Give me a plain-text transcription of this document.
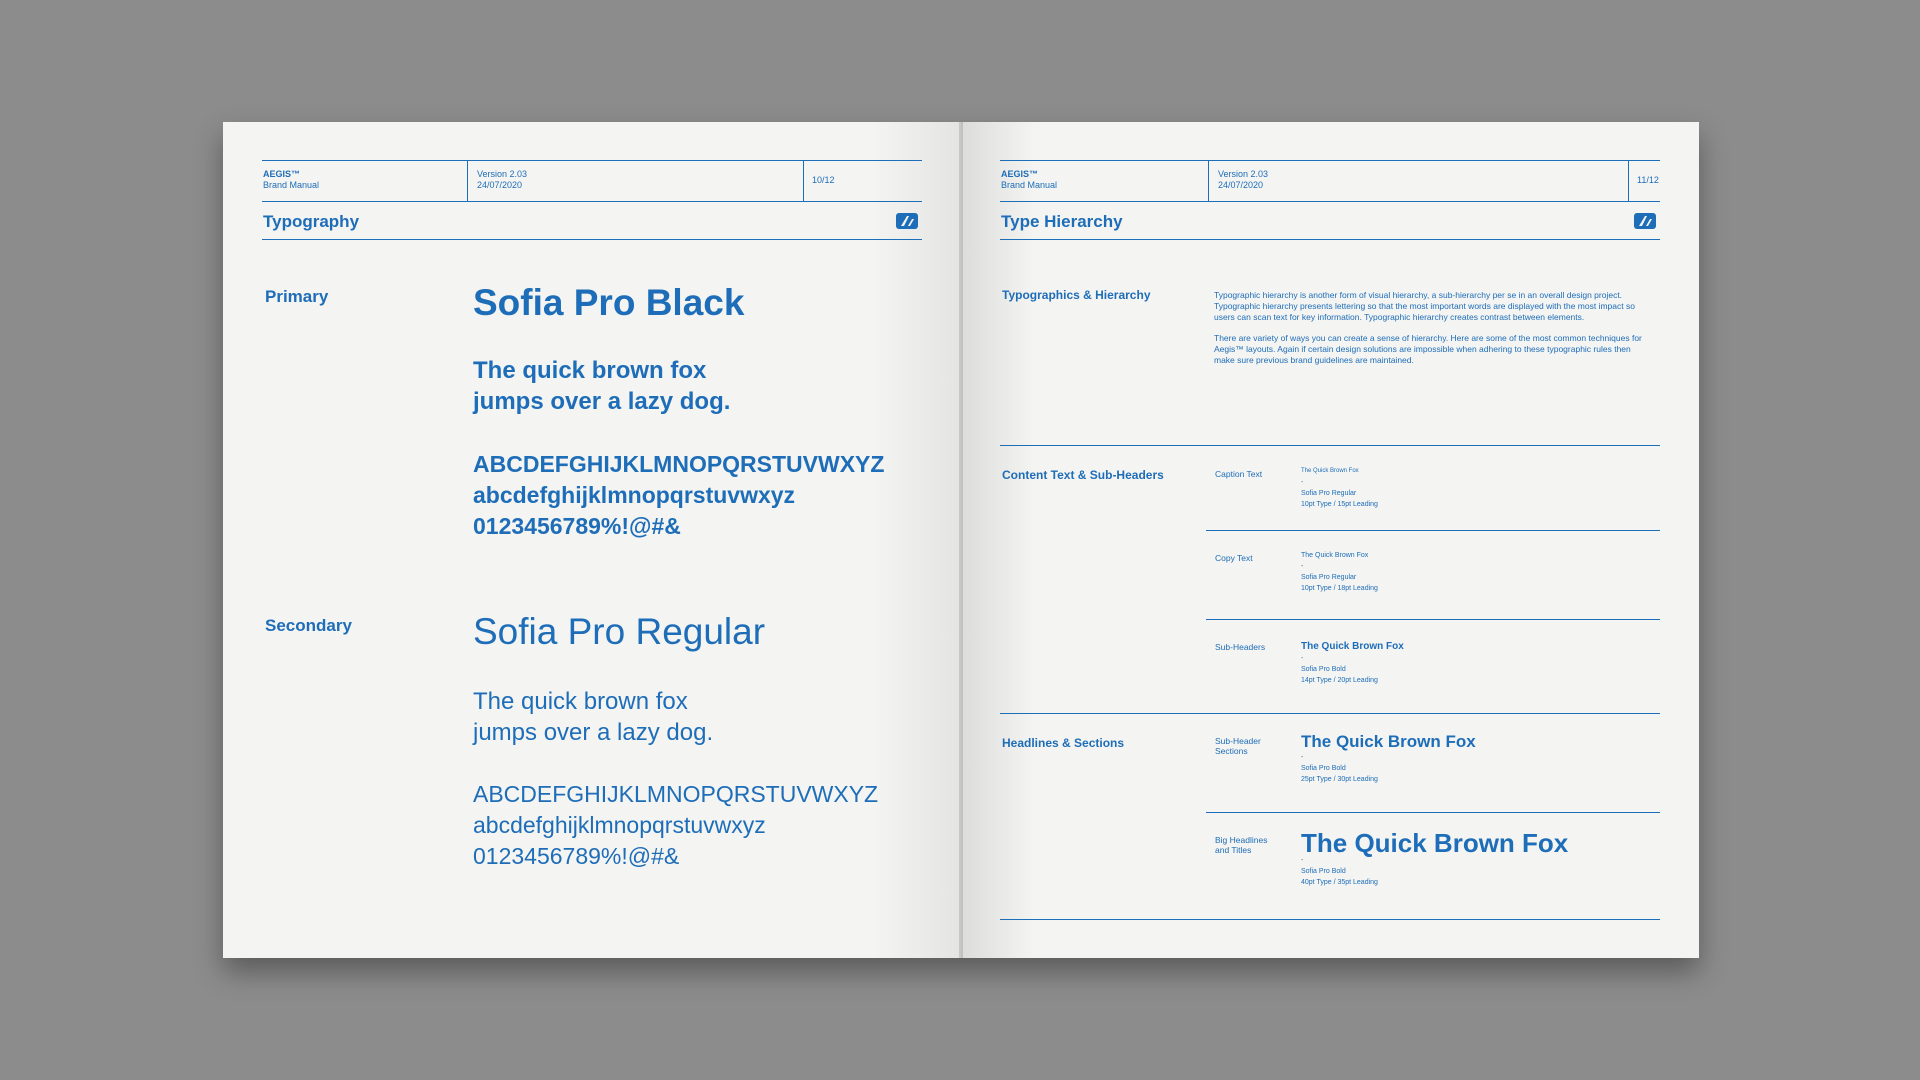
AEGIS™
Brand Manual
Version 2.03
24/07/2020	10/12
Typography
Primary	Sofia Pro Black
The quick brown fox
jumps over a lazy dog.
ABCDEFGHIJKLMNOPQRSTUVWXYZ
abcdefghijklmnopqrstuvwxyz
0123456789%!@#&
Secondary	Sofia Pro Regular
The quick brown fox
jumps over a lazy dog.
ABCDEFGHIJKLMNOPQRSTUVWXYZ
abcdefghijklmnopqrstuvwxyz
0123456789%!@#&
AEGIS™
Brand Manual
Version 2.03
24/07/2020	11/12
Type Hierarchy
Typographics & Hierarchy	Typographic hierarchy is another form of visual hierarchy, a sub-hierarchy per se in an overall design project. Typographic hierarchy presents lettering so that the most important words are displayed with the most impact so users can scan text for key information. Typographic hierarchy creates contrast between elements.

There are variety of ways you can create a sense of hierarchy. Here are some of the most common techniques for Aegis™ layouts. Again if certain design solutions are impossible when adhering to these typographic rules then make sure previous brand guidelines are maintained.

Content Text & Sub-Headers	Caption Text	The Quick Brown Fox
-
Sofia Pro Regular
10pt Type / 15pt Leading
Copy Text	The Quick Brown Fox
-
Sofia Pro Regular
10pt Type / 18pt Leading
Sub-Headers	The Quick Brown Fox
-
Sofia Pro Bold
14pt Type / 20pt Leading
Headlines & Sections	Sub-Header
Sections	The Quick Brown Fox
-
Sofia Pro Bold
25pt Type / 30pt Leading
Big Headlines
and Titles	The Quick Brown Fox
-
Sofia Pro Bold
40pt Type / 35pt Leading
